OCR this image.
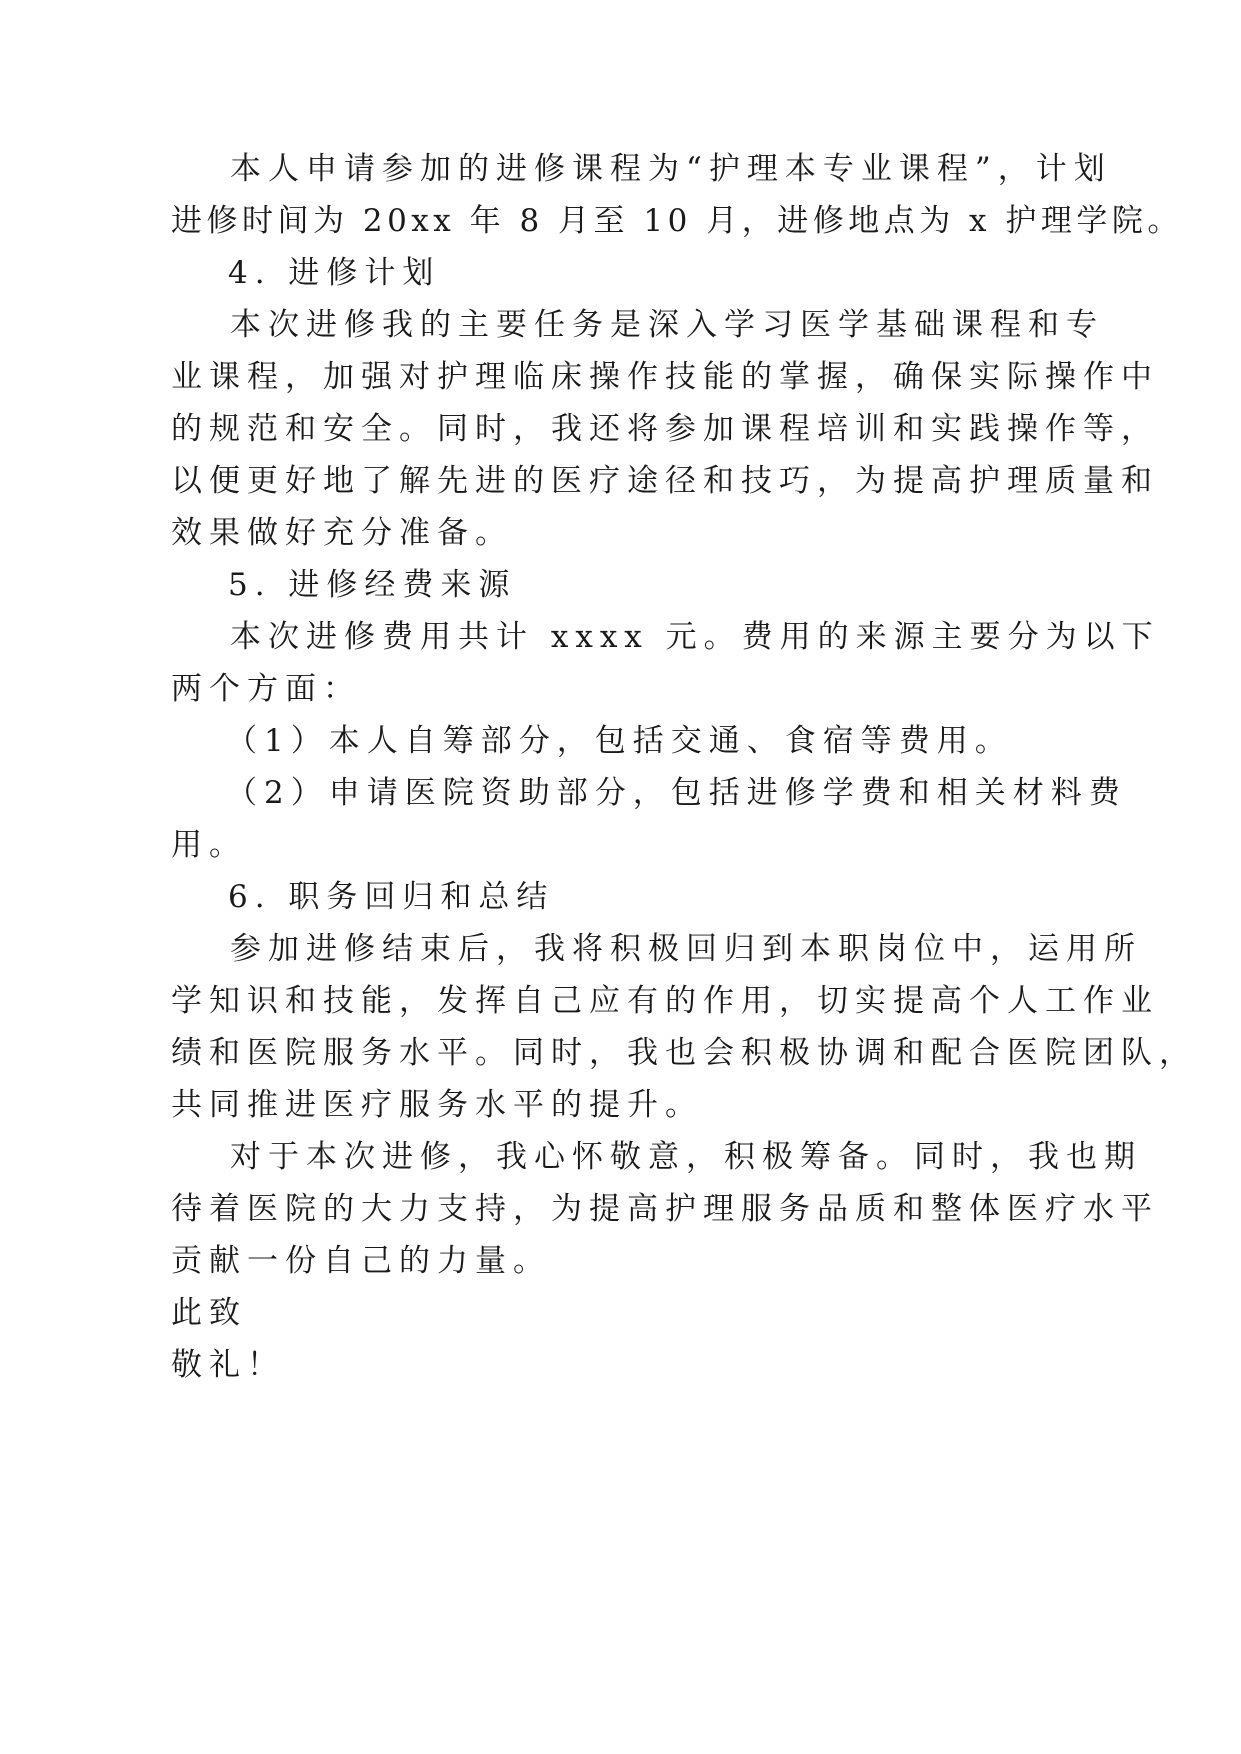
本人申请参加的进修课程为“护理本专业课程”，计划

进修时间为 20xx 年 8 月至 10 月，进修地点为 x 护理学院。

4. 进修计划

本次进修我的主要任务是深入学习医学基础课程和专

业课程，加强对护理临床操作技能的掌握，确保实际操作中

的规范和安全。同时，我还将参加课程培训和实践操作等，

以便更好地了解先进的医疗途径和技巧，为提高护理质量和

效果做好充分准备。

5. 进修经费来源

本次进修费用共计 xxxx 元。费用的来源主要分为以下

两个方面：

（1）本人自筹部分，包括交通、食宿等费用。

（2）申请医院资助部分，包括进修学费和相关材料费

用。

6. 职务回归和总结

参加进修结束后，我将积极回归到本职岗位中，运用所

学知识和技能，发挥自己应有的作用，切实提高个人工作业

绩和医院服务水平。同时，我也会积极协调和配合医院团队，

共同推进医疗服务水平的提升。

对于本次进修，我心怀敬意，积极筹备。同时，我也期

待着医院的大力支持，为提高护理服务品质和整体医疗水平

贡献一份自己的力量。

此致

敬礼！
